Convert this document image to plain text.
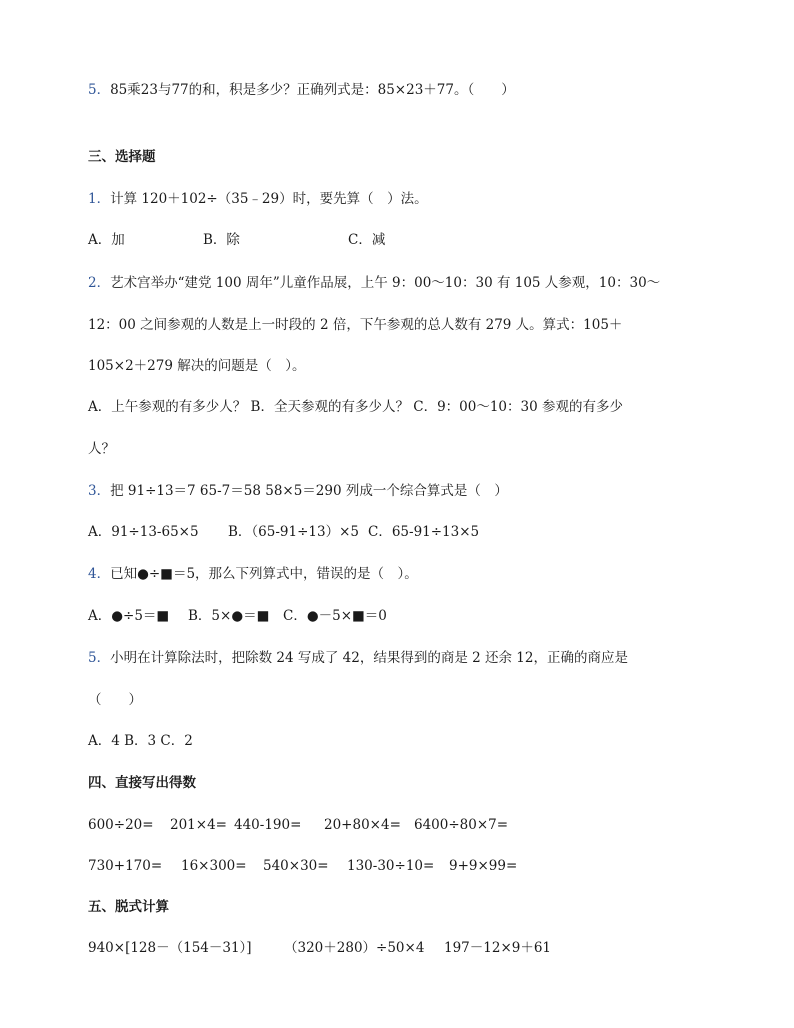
5．85乘23与77的和，积是多少？正确列式是：85×23＋77。（　　）
三、选择题
1．计算 120＋102÷（35﹣29）时，要先算（　）法。
A．加	B．除	C．减
2．艺术宫举办“建党 100 周年”儿童作品展，上午 9：00～10：30 有 105 人参观，10：30～
12：00 之间参观的人数是上一时段的 2 倍，下午参观的总人数有 279 人。算式：105＋
105×2＋279 解决的问题是（　）。
A．上午参观的有多少人？ B．全天参观的有多少人？ C．9：00～10：30 参观的有多少
人？
3．把 91÷13＝7 65-7＝58 58×5＝290 列成一个综合算式是（　）
A．91÷13-65×5 B．（65-91÷13）×5 C．65-91÷13×5
4．已知●÷■＝5，那么下列算式中，错误的是（　）。
A．●÷5＝■ B．5×●＝■ C．●－5×■＝0
5．小明在计算除法时，把除数 24 写成了 42，结果得到的商是 2 还余 12，正确的商应是
（　　）
A．4 B．3 C．2
四、直接写出得数
600÷20= 201×4= 440-190= 20+80×4= 6400÷80×7=
730+170= 16×300= 540×30= 130-30÷10= 9+9×99=
五、脱式计算
940×[128－（154－31）] （320＋280）÷50×4 197－12×9＋61
